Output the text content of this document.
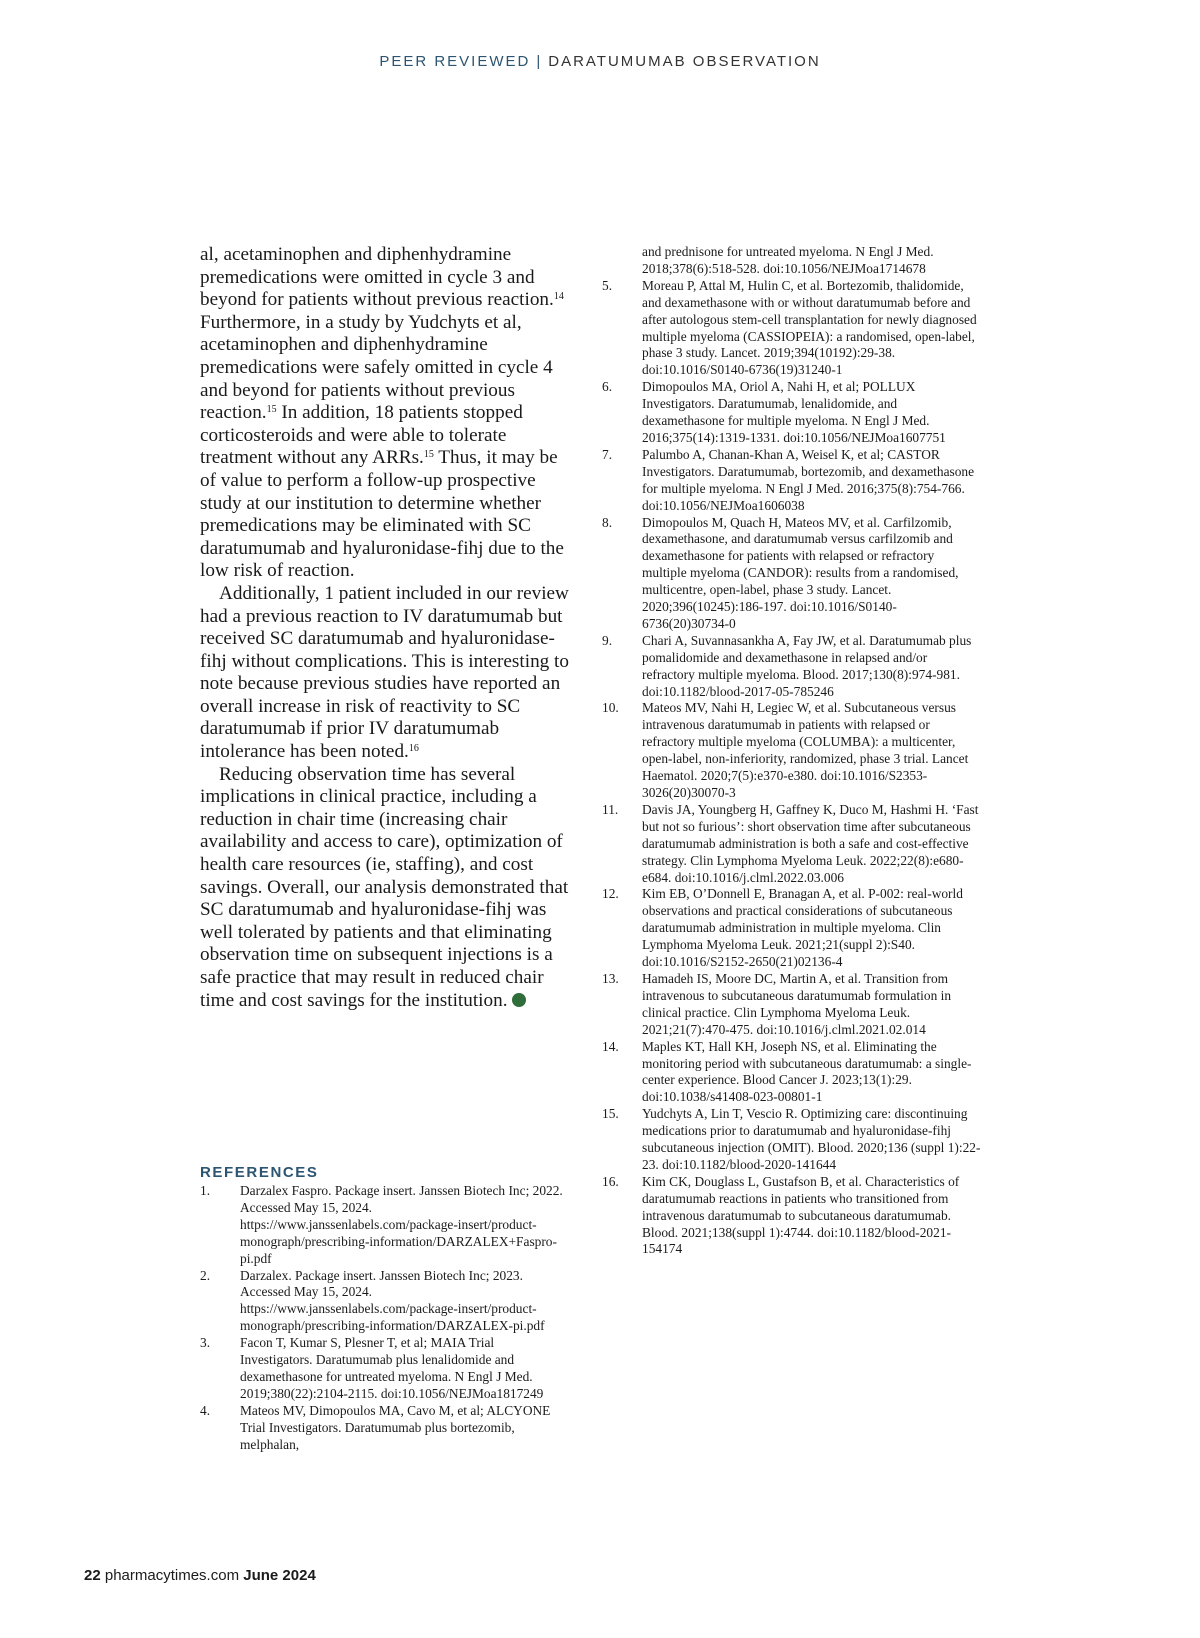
PEER REVIEWED | DARATUMUMAB OBSERVATION

al, acetaminophen and diphenhydramine premedications were omitted in cycle 3 and beyond for patients without previous reaction.$^{14}$ Furthermore, in a study by Yudchyts et al, acetaminophen and diphenhydramine premedications were safely omitted in cycle 4 and beyond for patients without previous reaction.$^{15}$ In addition, 18 patients stopped corticosteroids and were able to tolerate treatment without any ARRs.$^{15}$ Thus, it may be of value to perform a follow-up prospective study at our institution to determine whether premedications may be eliminated with SC daratumumab and hyaluronidase-fihj due to the low risk of reaction.

Additionally, 1 patient included in our review had a previous reaction to IV daratumumab but received SC daratumumab and hyaluronidase-fihj without complications. This is interesting to note because previous studies have reported an overall increase in risk of reactivity to SC daratumumab if prior IV daratumumab intolerance has been noted.$^{16}$

Reducing observation time has several implications in clinical practice, including a reduction in chair time (increasing chair availability and access to care), optimization of health care resources (ie, staffing), and cost savings. Overall, our analysis demonstrated that SC daratumumab and hyaluronidase-fihj was well tolerated by patients and that eliminating observation time on subsequent injections is a safe practice that may result in reduced chair time and cost savings for the institution.P

REFERENCES
1.	Darzalex Faspro. Package insert. Janssen Biotech Inc; 2022. Accessed May 15, 2024. https://www.janssenlabels.com/package-insert/product-monograph/prescribing-information/DARZALEX+Faspro-pi.pdf
2.	Darzalex. Package insert. Janssen Biotech Inc; 2023. Accessed May 15, 2024. https://www.janssenlabels.com/package-insert/product-monograph/prescribing-information/DARZALEX-pi.pdf
3.	Facon T, Kumar S, Plesner T, et al; MAIA Trial Investigators. Daratumumab plus lenalidomide and dexamethasone for untreated myeloma. N Engl J Med. 2019;380(22):2104-2115. doi:10.1056/NEJMoa1817249
4.	Mateos MV, Dimopoulos MA, Cavo M, et al; ALCYONE Trial Investigators. Daratumumab plus bortezomib, melphalan,
and prednisone for untreated myeloma. N Engl J Med. 2018;378(6):518-528. doi:10.1056/NEJMoa1714678
5.	Moreau P, Attal M, Hulin C, et al. Bortezomib, thalidomide, and dexamethasone with or without daratumumab before and after autologous stem-cell transplantation for newly diagnosed multiple myeloma (CASSIOPEIA): a randomised, open-label, phase 3 study. Lancet. 2019;394(10192):29-38. doi:10.1016/S0140-6736(19)31240-1
6.	Dimopoulos MA, Oriol A, Nahi H, et al; POLLUX Investigators. Daratumumab, lenalidomide, and dexamethasone for multiple myeloma. N Engl J Med. 2016;375(14):1319-1331. doi:10.1056/NEJMoa1607751
7.	Palumbo A, Chanan-Khan A, Weisel K, et al; CASTOR Investigators. Daratumumab, bortezomib, and dexamethasone for multiple myeloma. N Engl J Med. 2016;375(8):754-766. doi:10.1056/NEJMoa1606038
8.	Dimopoulos M, Quach H, Mateos MV, et al. Carfilzomib, dexamethasone, and daratumumab versus carfilzomib and dexamethasone for patients with relapsed or refractory multiple myeloma (CANDOR): results from a randomised, multicentre, open-label, phase 3 study. Lancet. 2020;396(10245):186-197. doi:10.1016/S0140-6736(20)30734-0
9.	Chari A, Suvannasankha A, Fay JW, et al. Daratumumab plus pomalidomide and dexamethasone in relapsed and/or refractory multiple myeloma. Blood. 2017;130(8):974-981. doi:10.1182/blood-2017-05-785246
10.	Mateos MV, Nahi H, Legiec W, et al. Subcutaneous versus intravenous daratumumab in patients with relapsed or refractory multiple myeloma (COLUMBA): a multicenter, open-label, non-inferiority, randomized, phase 3 trial. Lancet Haematol. 2020;7(5):e370-e380. doi:10.1016/S2353-3026(20)30070-3
11.	Davis JA, Youngberg H, Gaffney K, Duco M, Hashmi H. ‘Fast but not so furious’: short observation time after subcutaneous daratumumab administration is both a safe and cost-effective strategy. Clin Lymphoma Myeloma Leuk. 2022;22(8):e680-e684. doi:10.1016/j.clml.2022.03.006
12.	Kim EB, O’Donnell E, Branagan A, et al. P-002: real-world observations and practical considerations of subcutaneous daratumumab administration in multiple myeloma. Clin Lymphoma Myeloma Leuk. 2021;21(suppl 2):S40. doi:10.1016/S2152-2650(21)02136-4
13.	Hamadeh IS, Moore DC, Martin A, et al. Transition from intravenous to subcutaneous daratumumab formulation in clinical practice. Clin Lymphoma Myeloma Leuk. 2021;21(7):470-475. doi:10.1016/j.clml.2021.02.014
14.	Maples KT, Hall KH, Joseph NS, et al. Eliminating the monitoring period with subcutaneous daratumumab: a single-center experience. Blood Cancer J. 2023;13(1):29. doi:10.1038/s41408-023-00801-1
15.	Yudchyts A, Lin T, Vescio R. Optimizing care: discontinuing medications prior to daratumumab and hyaluronidase-fihj subcutaneous injection (OMIT). Blood. 2020;136 (suppl 1):22-23. doi:10.1182/blood-2020-141644
16.	Kim CK, Douglass L, Gustafson B, et al. Characteristics of daratumumab reactions in patients who transitioned from intravenous daratumumab to subcutaneous daratumumab. Blood. 2021;138(suppl 1):4744. doi:10.1182/blood-2021-154174
22 pharmacytimes.com June 2024
